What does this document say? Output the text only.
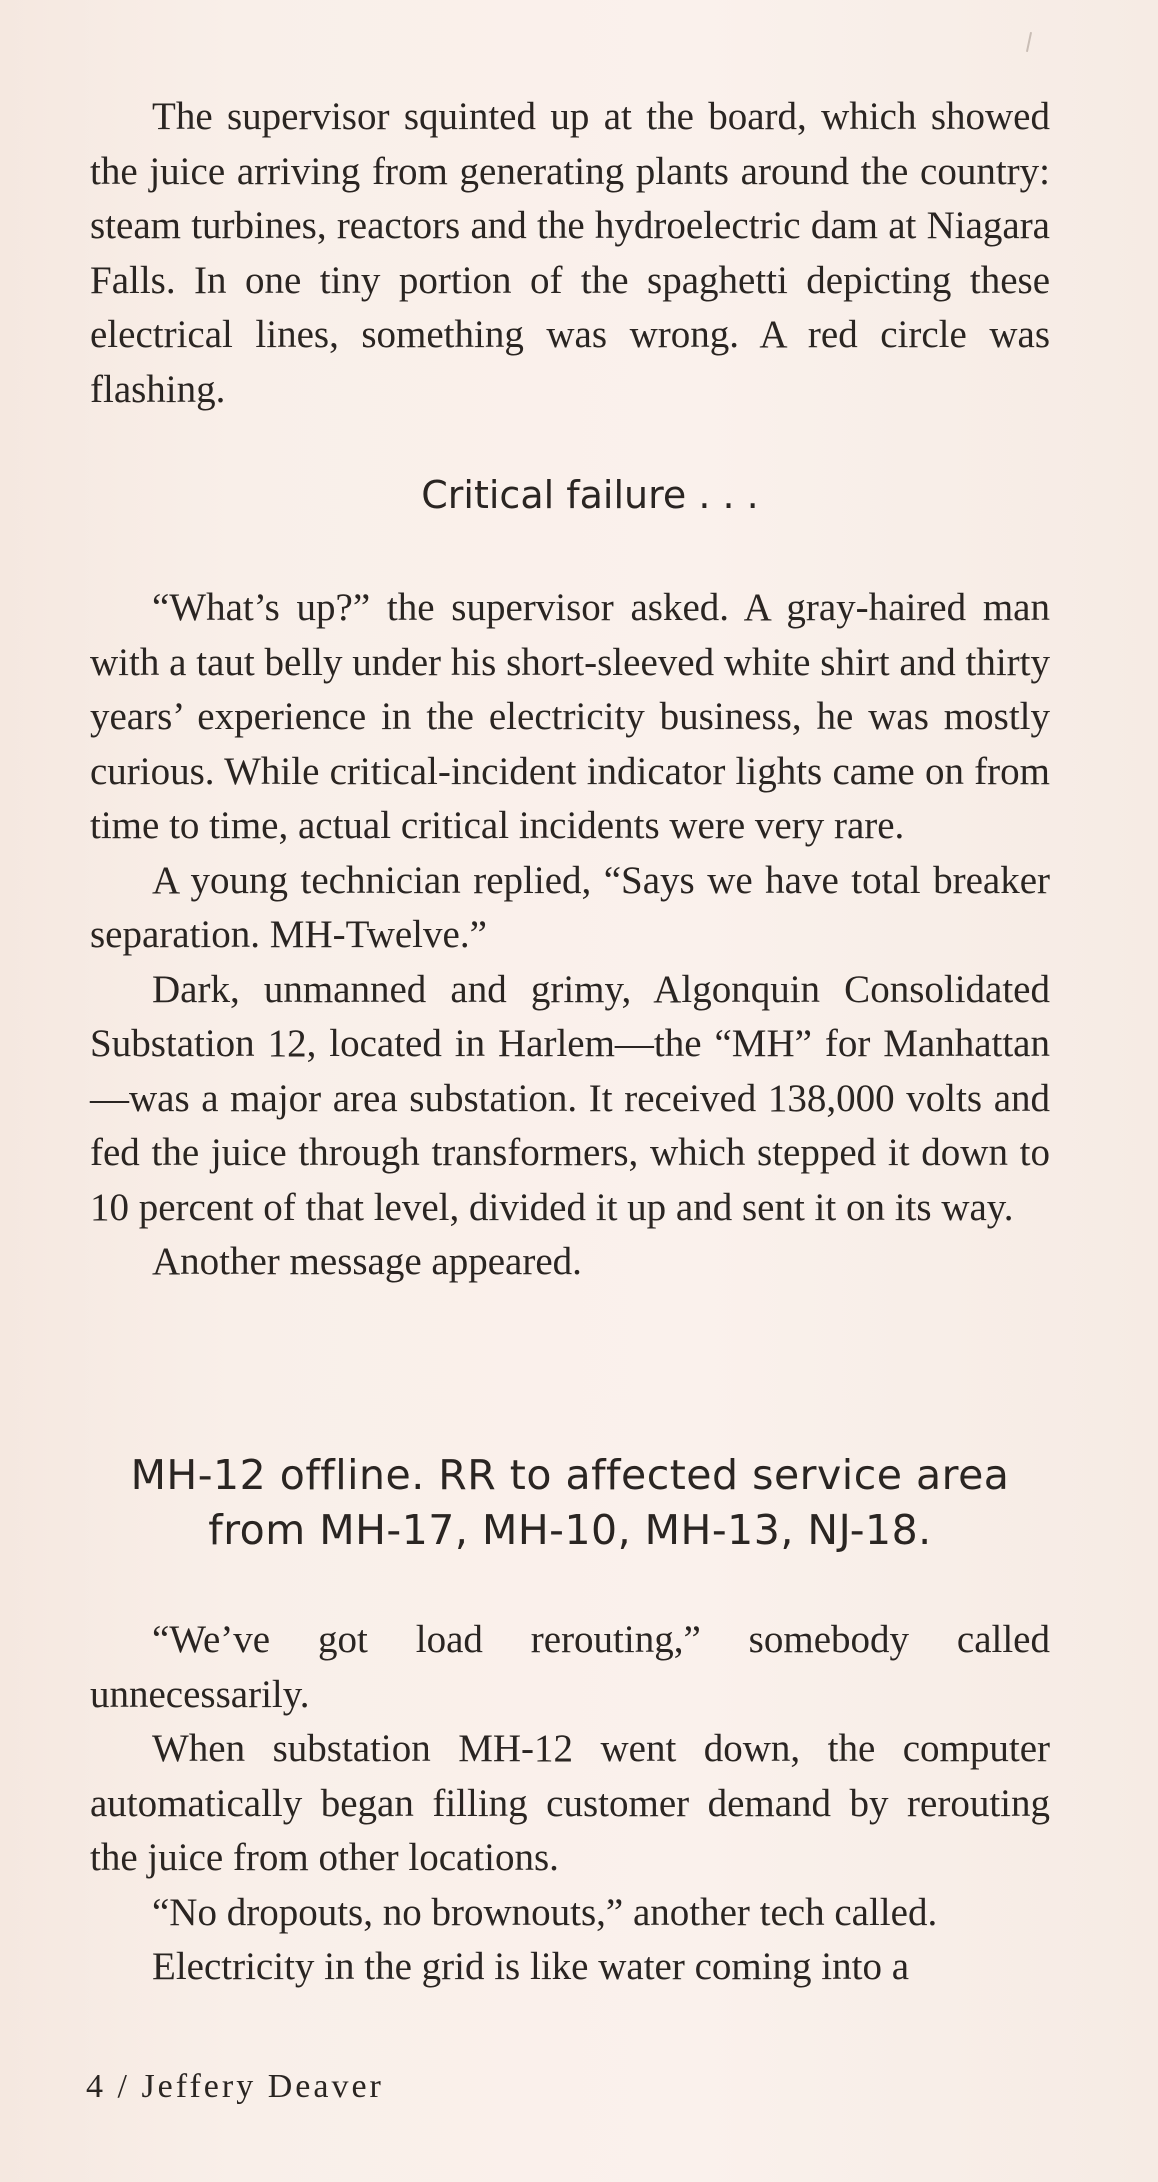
The supervisor squinted up at the board, which showed the juice arriving from generating plants around the country: steam turbines, reactors and the hydroelectric dam at Niagara Falls. In one tiny portion of the spaghetti depicting these electrical lines, something was wrong. A red circle was flashing.

Critical failure . . .

“What’s up?” the supervisor asked. A gray-haired man with a taut belly under his short-sleeved white shirt and thirty years’ experience in the electricity business, he was mostly curious. While critical-incident indicator lights came on from time to time, actual critical incidents were very rare.

A young technician replied, “Says we have total breaker separation. MH-Twelve.”

Dark, unmanned and grimy, Algonquin Consolidated Substation 12, located in Harlem—the “MH” for Manhattan—was a major area substation. It received 138,000 volts and fed the juice through transformers, which stepped it down to 10 percent of that level, divided it up and sent it on its way.

Another message appeared.

MH-12 offline. RR to affected service area
from MH-17, MH-10, MH-13, NJ-18.

“We’ve got load rerouting,” somebody called unnecessarily.

When substation MH-12 went down, the computer automatically began filling customer demand by rerouting the juice from other locations.

“No dropouts, no brownouts,” another tech called.

Electricity in the grid is like water coming into a

4 / Jeffery Deaver
